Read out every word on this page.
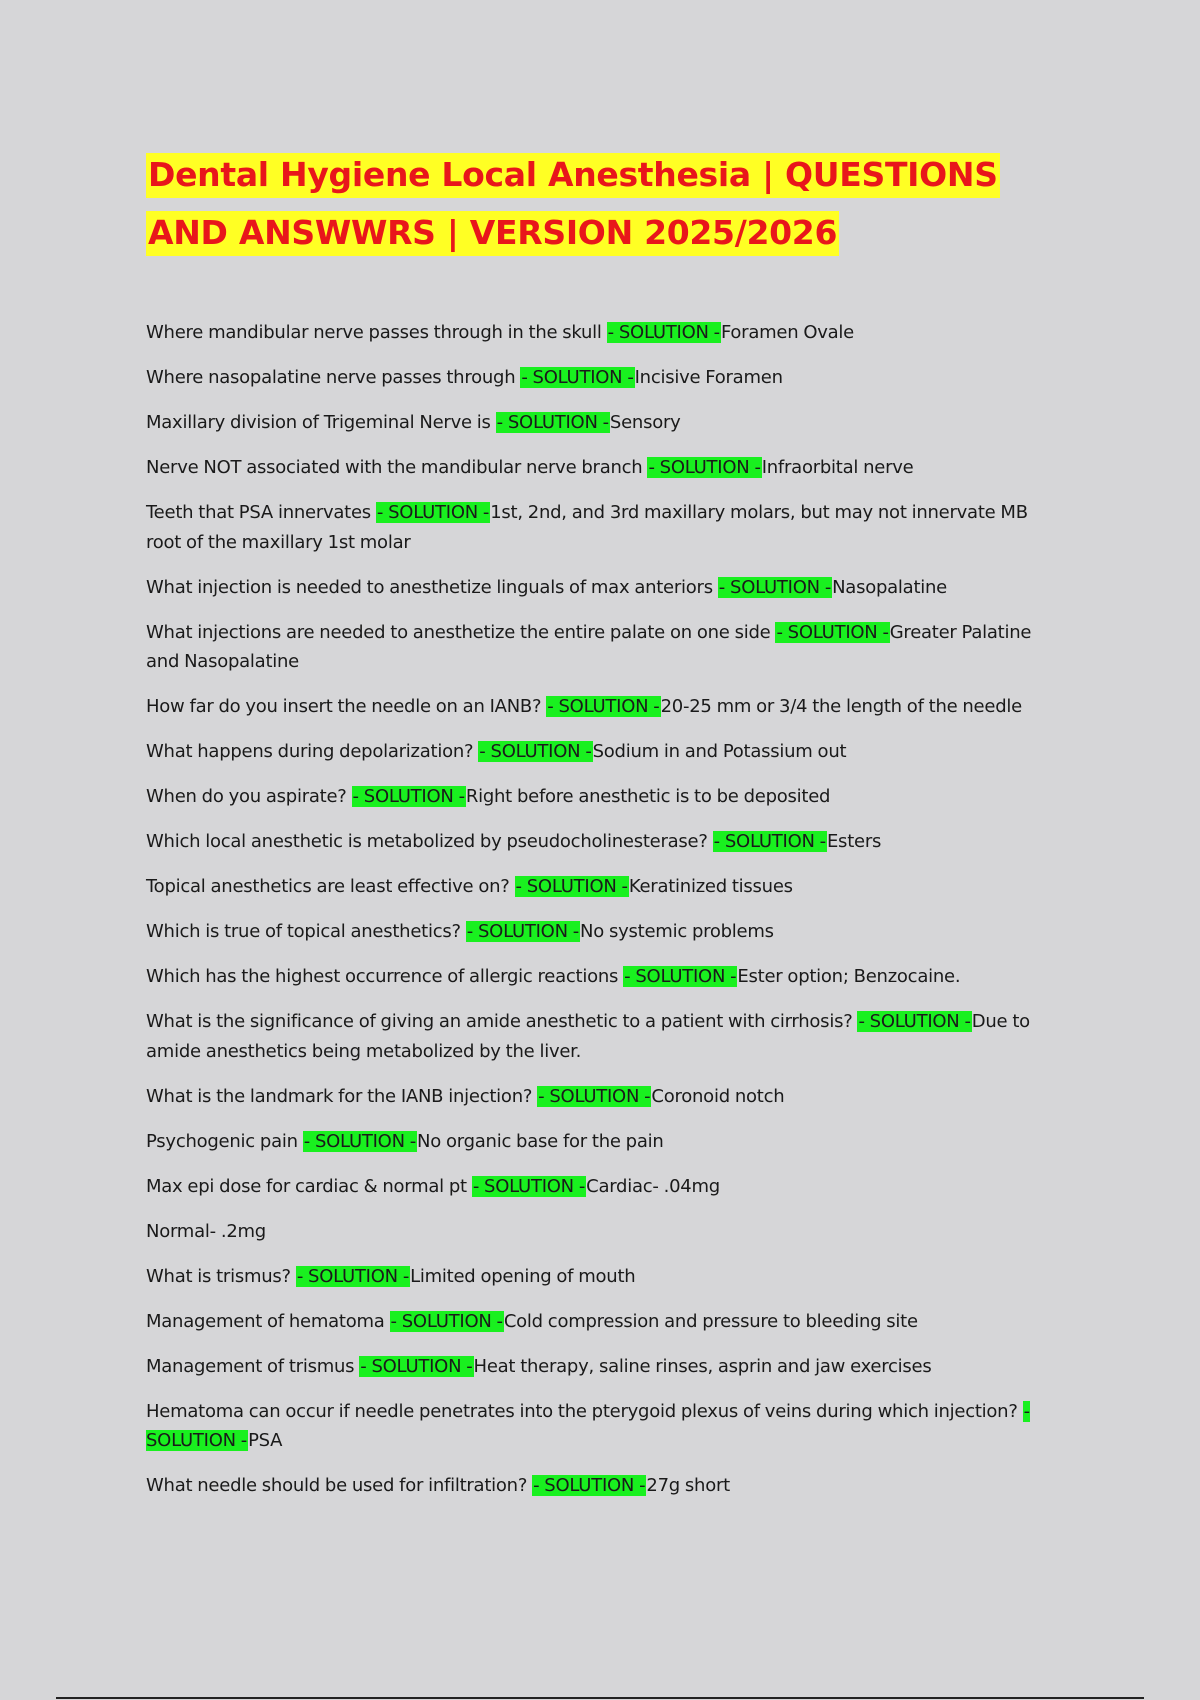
Dental Hygiene Local Anesthesia | QUESTIONS AND ANSWWRS | VERSION 2025/2026
Where mandibular nerve passes through in the skull - SOLUTION -Foramen Ovale
Where nasopalatine nerve passes through - SOLUTION -Incisive Foramen
Maxillary division of Trigeminal Nerve is - SOLUTION -Sensory
Nerve NOT associated with the mandibular nerve branch - SOLUTION -Infraorbital nerve
Teeth that PSA innervates - SOLUTION -1st, 2nd, and 3rd maxillary molars, but may not innervate MB root of the maxillary 1st molar
What injection is needed to anesthetize linguals of max anteriors - SOLUTION -Nasopalatine
What injections are needed to anesthetize the entire palate on one side - SOLUTION -Greater Palatine and Nasopalatine
How far do you insert the needle on an IANB? - SOLUTION -20-25 mm or 3/4 the length of the needle
What happens during depolarization? - SOLUTION -Sodium in and Potassium out
When do you aspirate? - SOLUTION -Right before anesthetic is to be deposited
Which local anesthetic is metabolized by pseudocholinesterase? - SOLUTION -Esters
Topical anesthetics are least effective on? - SOLUTION -Keratinized tissues
Which is true of topical anesthetics? - SOLUTION -No systemic problems
Which has the highest occurrence of allergic reactions - SOLUTION -Ester option; Benzocaine.
What is the significance of giving an amide anesthetic to a patient with cirrhosis? - SOLUTION -Due to amide anesthetics being metabolized by the liver.
What is the landmark for the IANB injection? - SOLUTION -Coronoid notch
Psychogenic pain - SOLUTION -No organic base for the pain
Max epi dose for cardiac & normal pt - SOLUTION -Cardiac- .04mg
Normal- .2mg
What is trismus? - SOLUTION -Limited opening of mouth
Management of hematoma - SOLUTION -Cold compression and pressure to bleeding site
Management of trismus - SOLUTION -Heat therapy, saline rinses, asprin and jaw exercises
Hematoma can occur if needle penetrates into the pterygoid plexus of veins during which injection? - SOLUTION -PSA
What needle should be used for infiltration? - SOLUTION -27g short
